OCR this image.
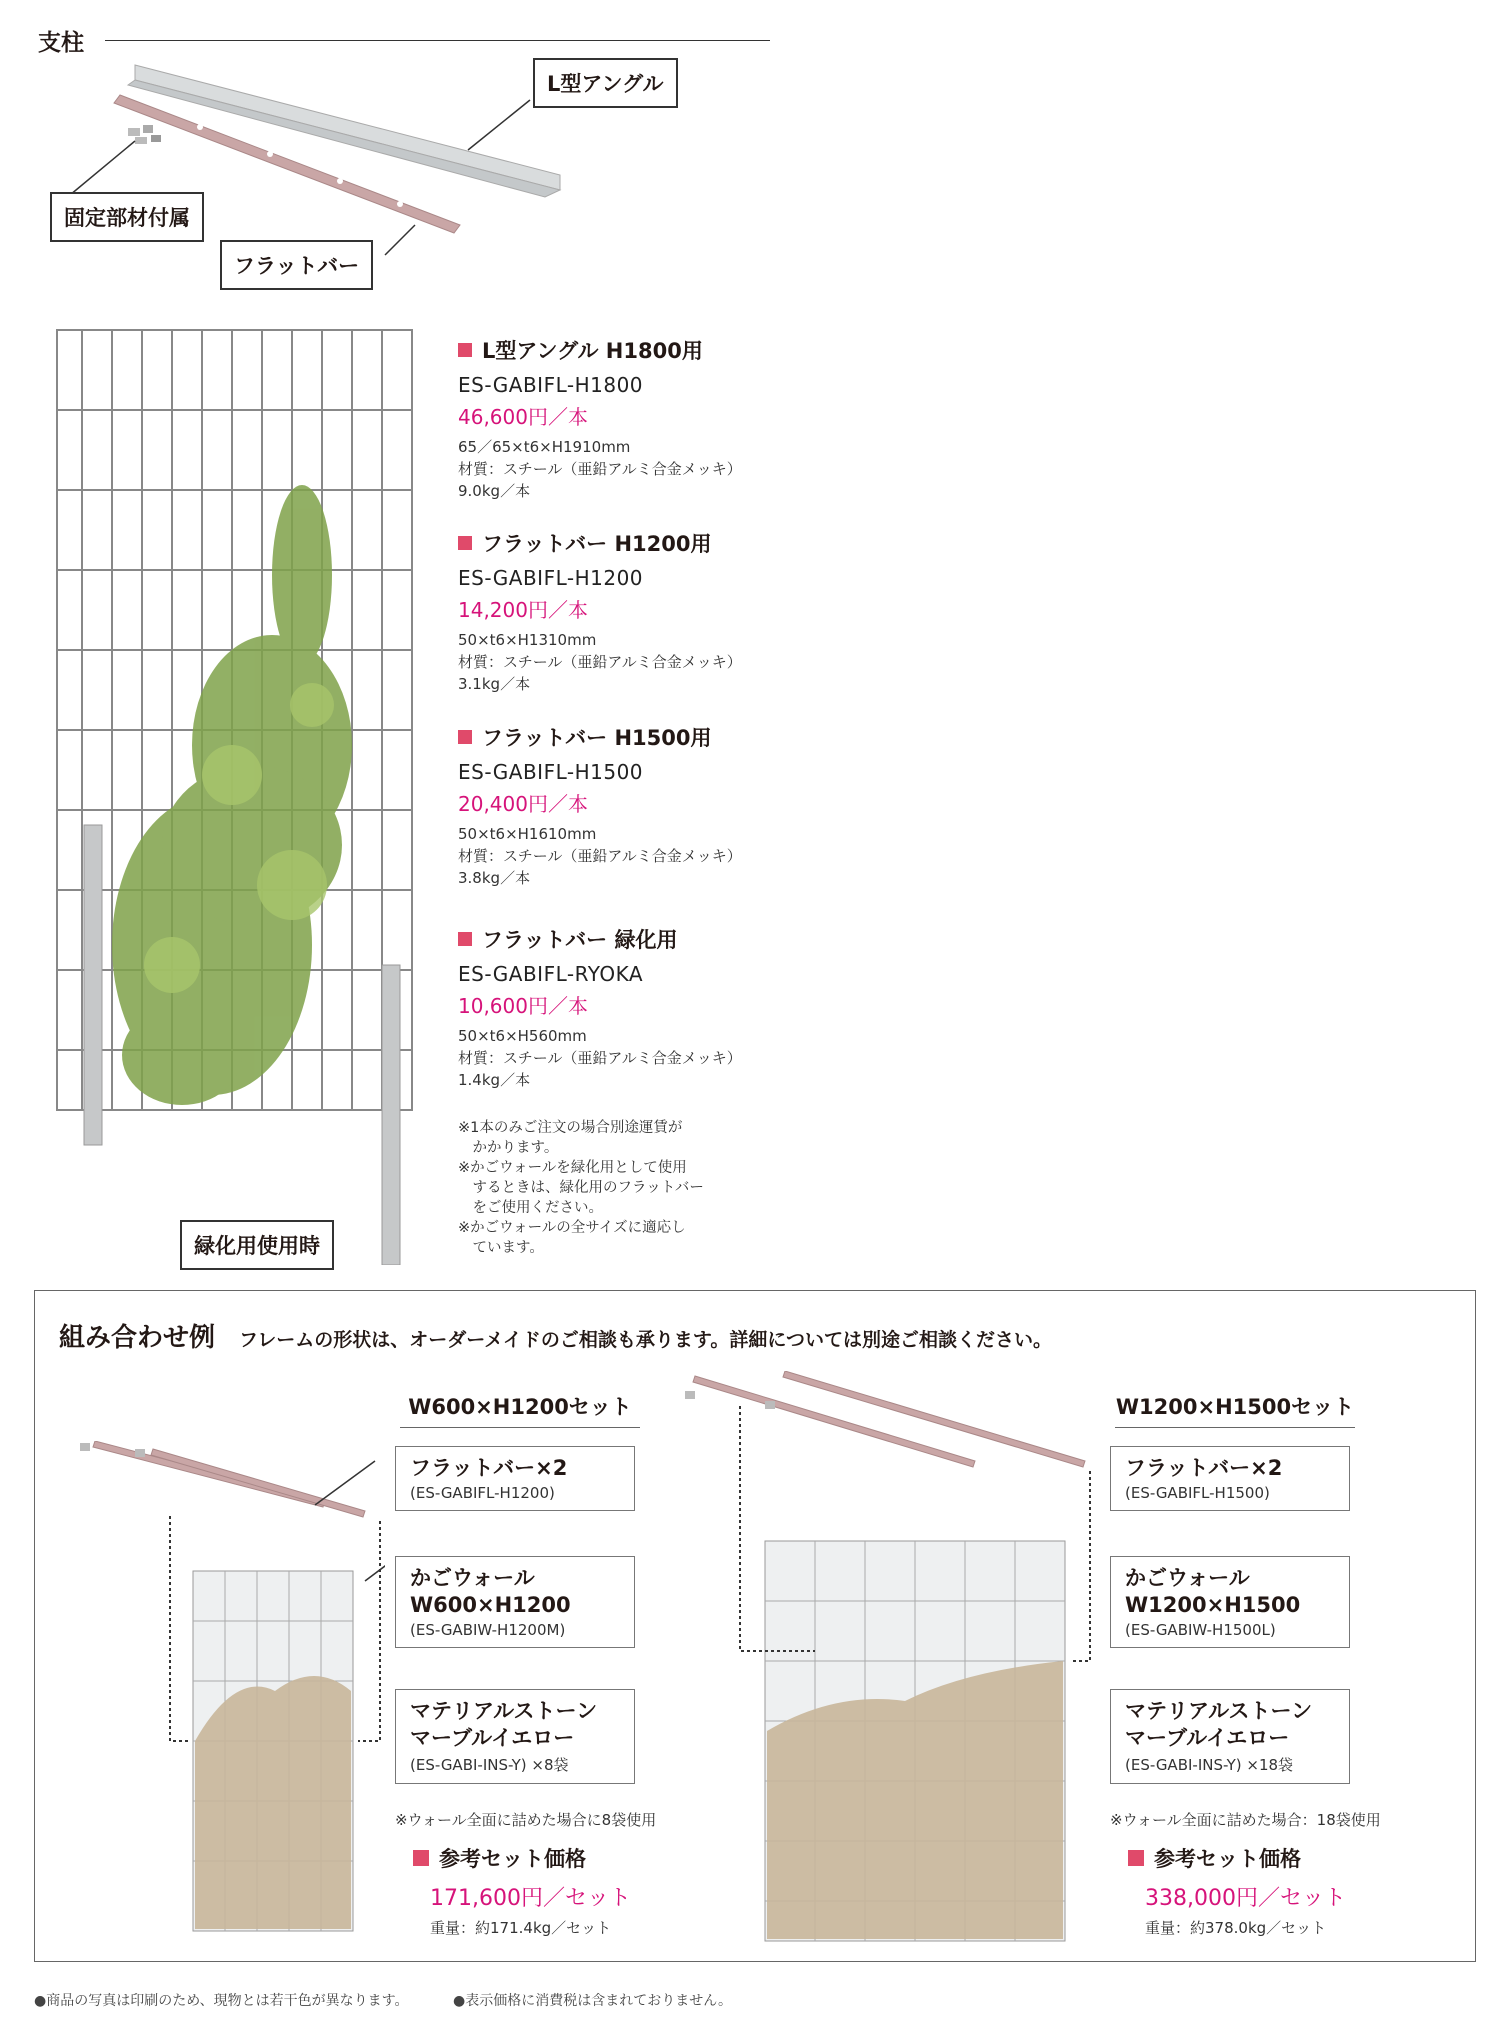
支柱
L型アングル
固定部材付属
フラットバー
緑化用使用時
L型アングル H1800用
ES-GABIFL-H1800
46,600円／本
65／65×t6×H1910mm
材質：スチール（亜鉛アルミ合金メッキ）
9.0kg／本
フラットバー H1200用
ES-GABIFL-H1200
14,200円／本
50×t6×H1310mm
材質：スチール（亜鉛アルミ合金メッキ）
3.1kg／本
フラットバー H1500用
ES-GABIFL-H1500
20,400円／本
50×t6×H1610mm
材質：スチール（亜鉛アルミ合金メッキ）
3.8kg／本
フラットバー 緑化用
ES-GABIFL-RYOKA
10,600円／本
50×t6×H560mm
材質：スチール（亜鉛アルミ合金メッキ）
1.4kg／本
※1本のみご注文の場合別途運賃が
　かかります。
※かごウォールを緑化用として使用
　するときは、緑化用のフラットバー
　をご使用ください。
※かごウォールの全サイズに適応し
　ています。
組み合わせ例 フレームの形状は、オーダーメイドのご相談も承ります。詳細については別途ご相談ください。
W600×H1200セット
フラットバー×2
(ES-GABIFL-H1200)
かごウォール
W600×H1200
(ES-GABIW-H1200M)
マテリアルストーン
マーブルイエロー
(ES-GABI-INS-Y) ×8袋
※ウォール全面に詰めた場合に8袋使用
参考セット価格
171,600円／セット
重量：約171.4kg／セット
W1200×H1500セット
フラットバー×2
(ES-GABIFL-H1500)
かごウォール
W1200×H1500
(ES-GABIW-H1500L)
マテリアルストーン
マーブルイエロー
(ES-GABI-INS-Y) ×18袋
※ウォール全面に詰めた場合：18袋使用
参考セット価格
338,000円／セット
重量：約378.0kg／セット
●商品の写真は印刷のため、現物とは若干色が異なります。	●表示価格に消費税は含まれておりません。
